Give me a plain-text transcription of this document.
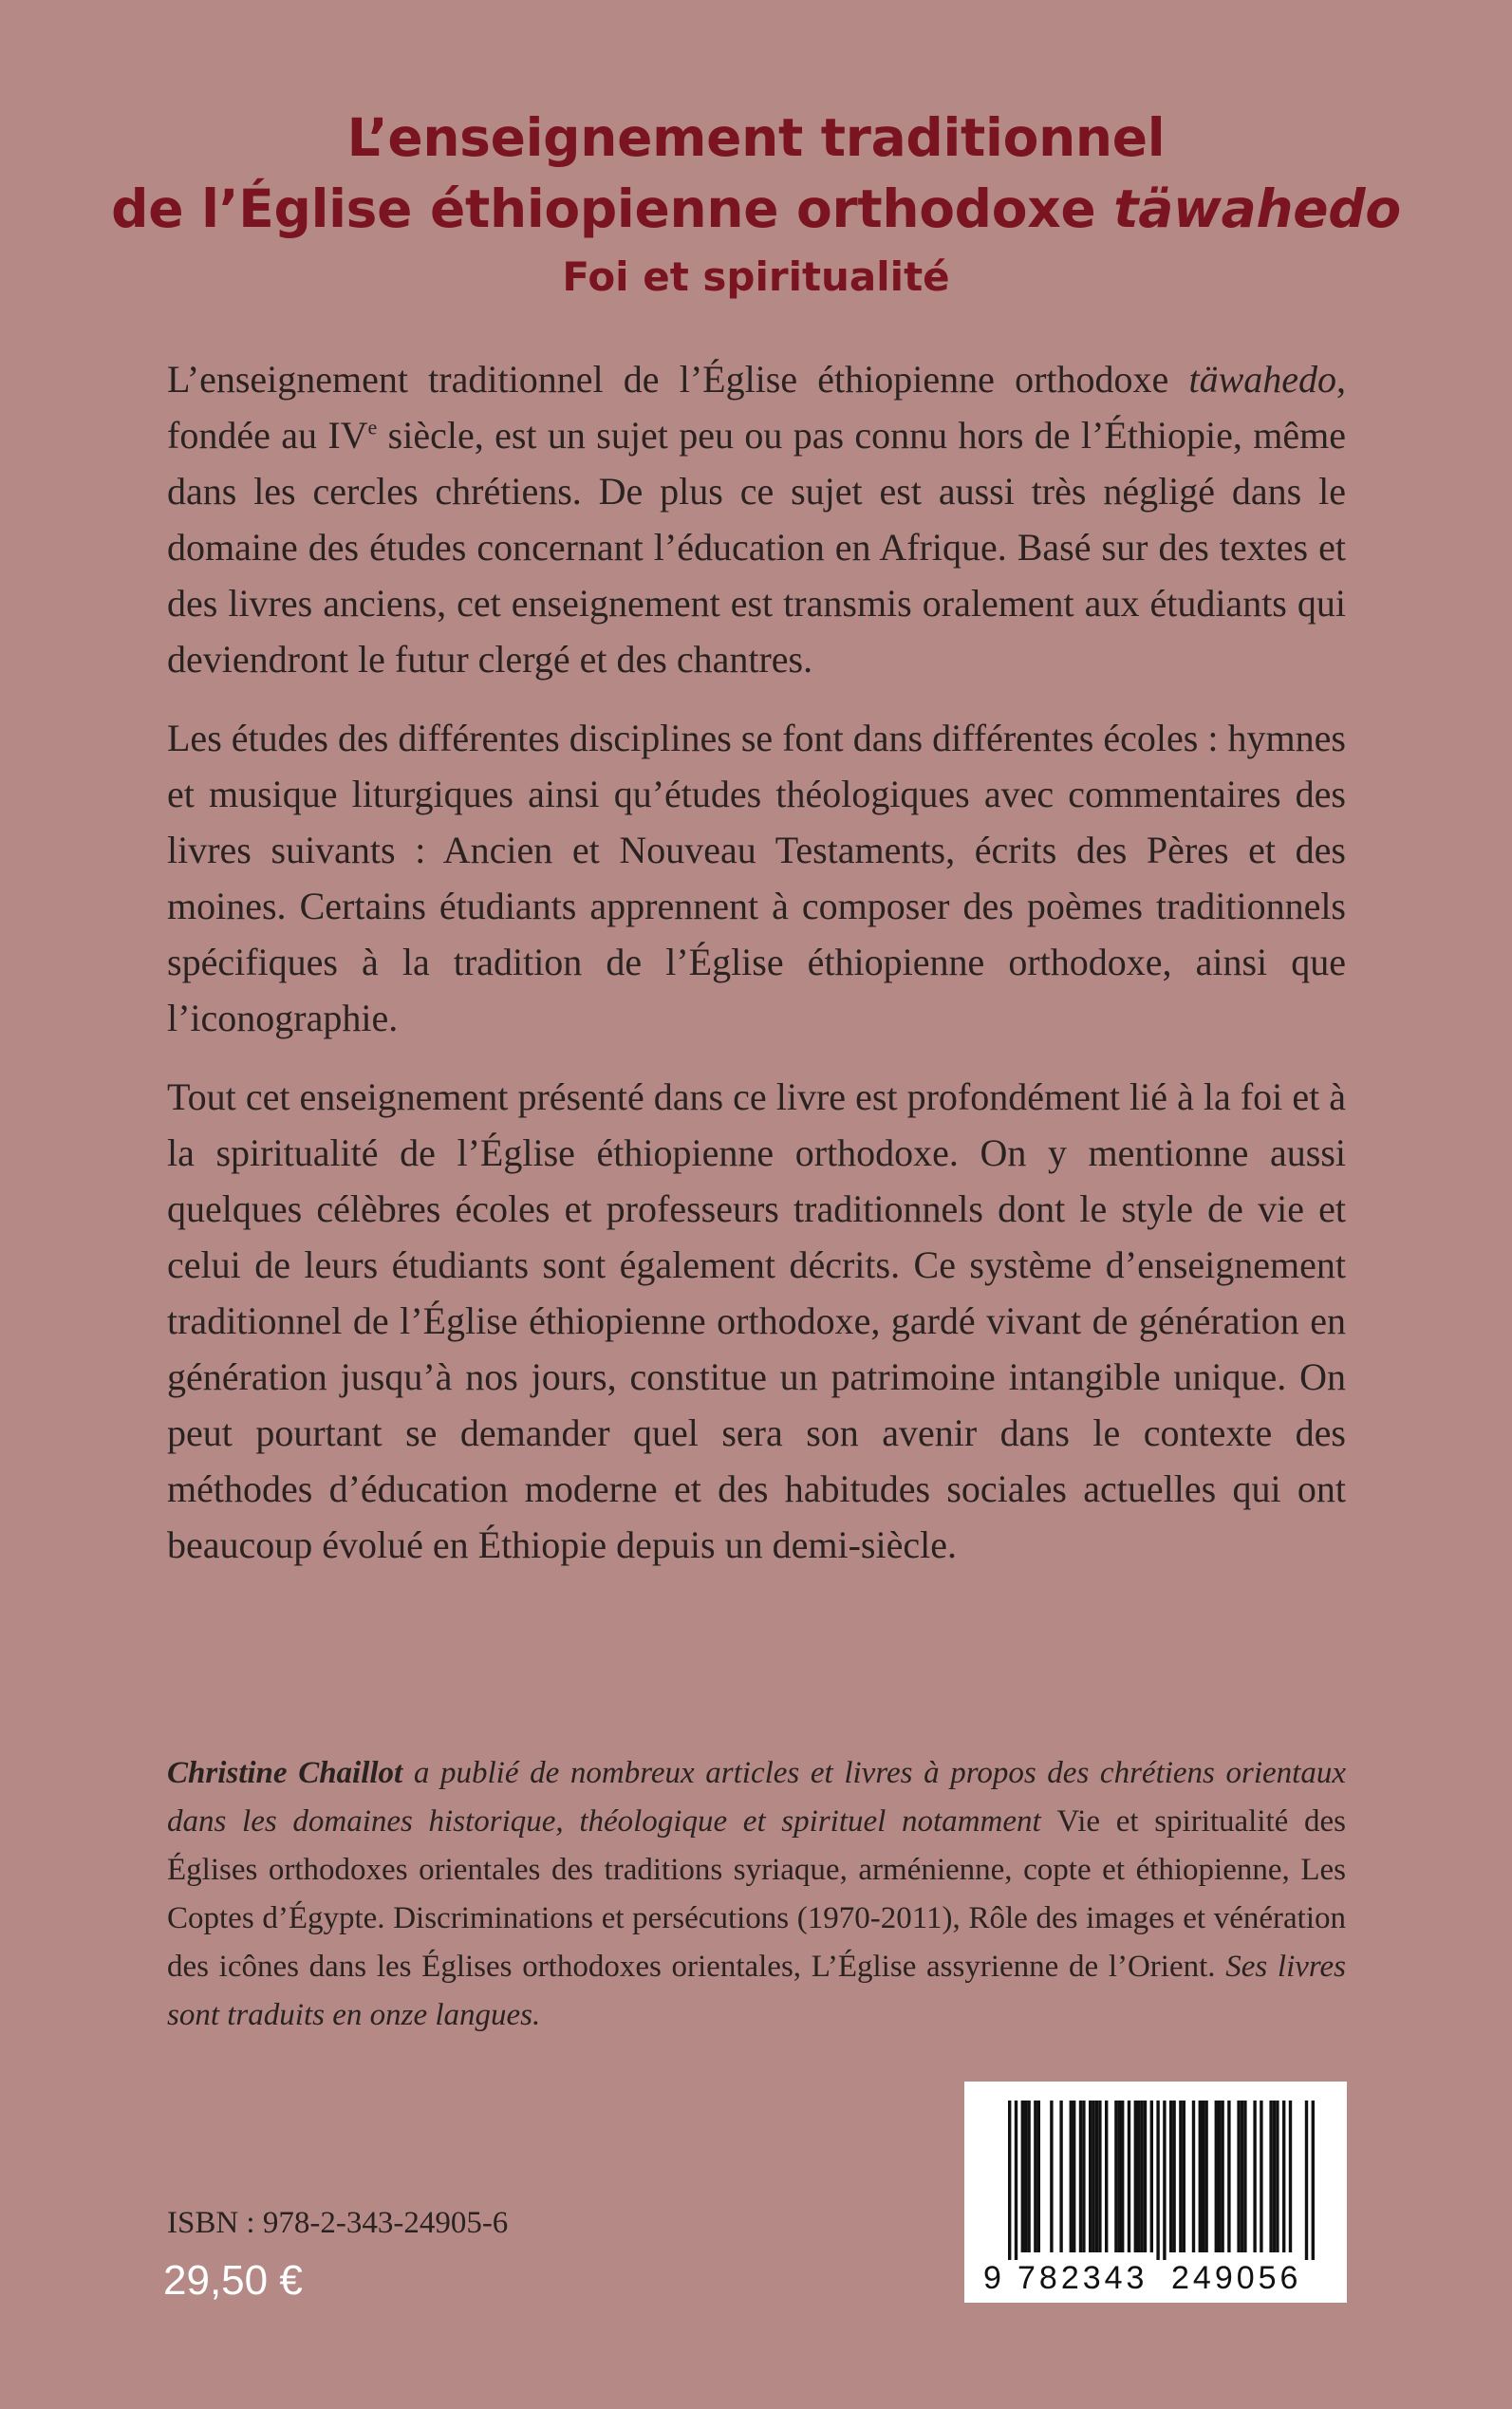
L’enseignement traditionnel
de l’Église éthiopienne orthodoxe täwahedo
Foi et spiritualité

L’enseignement traditionnel de l’Église éthiopienne orthodoxe täwahedo, fondée au IVe siècle, est un sujet peu ou pas connu hors de l’Éthiopie, même dans les cercles chrétiens. De plus ce sujet est aussi très négligé dans le domaine des études concernant l’éducation en Afrique. Basé sur des textes et des livres anciens, cet enseignement est transmis oralement aux étudiants qui deviendront le futur clergé et des chantres.

Les études des différentes disciplines se font dans différentes écoles : hymnes et musique liturgiques ainsi qu’études théologiques avec commentaires des livres suivants : Ancien et Nouveau Testaments, écrits des Pères et des moines. Certains étudiants apprennent à composer des poèmes traditionnels spécifiques à la tradition de l’Église éthiopienne orthodoxe, ainsi que l’iconographie.

Tout cet enseignement présenté dans ce livre est profondément lié à la foi et à la spiritualité de l’Église éthiopienne orthodoxe. On y mentionne aussi quelques célèbres écoles et professeurs traditionnels dont le style de vie et celui de leurs étudiants sont également décrits. Ce système d’enseignement traditionnel de l’Église éthiopienne orthodoxe, gardé vivant de génération en génération jusqu’à nos jours, constitue un patrimoine intangible unique. On peut pourtant se demander quel sera son avenir dans le contexte des méthodes d’éducation moderne et des habitudes sociales actuelles qui ont beaucoup évolué en Éthiopie depuis un demi-siècle.

Christine Chaillot a publié de nombreux articles et livres à propos des chrétiens orientaux dans les domaines historique, théologique et spirituel notamment Vie et spiritualité des Églises orthodoxes orientales des traditions syriaque, arménienne, copte et éthiopienne, Les Coptes d’Égypte. Discriminations et persécutions (1970-2011), Rôle des images et vénération des icônes dans les Églises orthodoxes orientales, L’Église assyrienne de l’Orient. Ses livres sont traduits en onze langues.
ISBN : 978-2-343-24905-6
29,50 €	9 782343 249056
